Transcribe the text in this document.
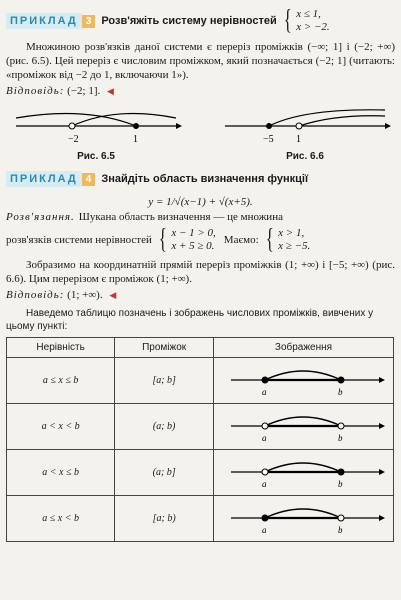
ПРИКЛАД 3 Розв'яжіть систему нерівностей { x ≤ 1,
x > −2.

Множиною розв'язків даної системи є переріз проміжків (−∞; 1] і (−2; +∞) (рис. 6.5). Цей переріз є числовим проміжком, який позначається (−2; 1] (читають: «проміжок від −2 до 1, включаючи 1»).

Відповідь: (−2; 1]. ◀
−2	1
Рис. 6.5
−5 1
Рис. 6.6
ПРИКЛАД 4 Знайдіть область визначення функції
y = 1/√(x−1) + √(x+5).
Розв'язання. Шукана область визначення — це множина
розв'язків системи нерівностей { x − 1 > 0,
x + 5 ≥ 0. Маємо: { x > 1,
x ≥ −5.

Зобразимо на координатній прямій переріз проміжків (1; +∞) і [−5; +∞) (рис. 6.6). Цим перерізом є проміжок (1; +∞).

Відповідь: (1; +∞). ◀
Наведемо таблицю позначень і зображень числових проміжків, вивчених у цьому пункті:
Нерівність	Проміжок	Зображення
a ≤ x ≤ b	[a; b]	a b

a < x < b	(a; b)	a b

a < x ≤ b	(a; b]	a b

a ≤ x < b	[a; b)	a b
